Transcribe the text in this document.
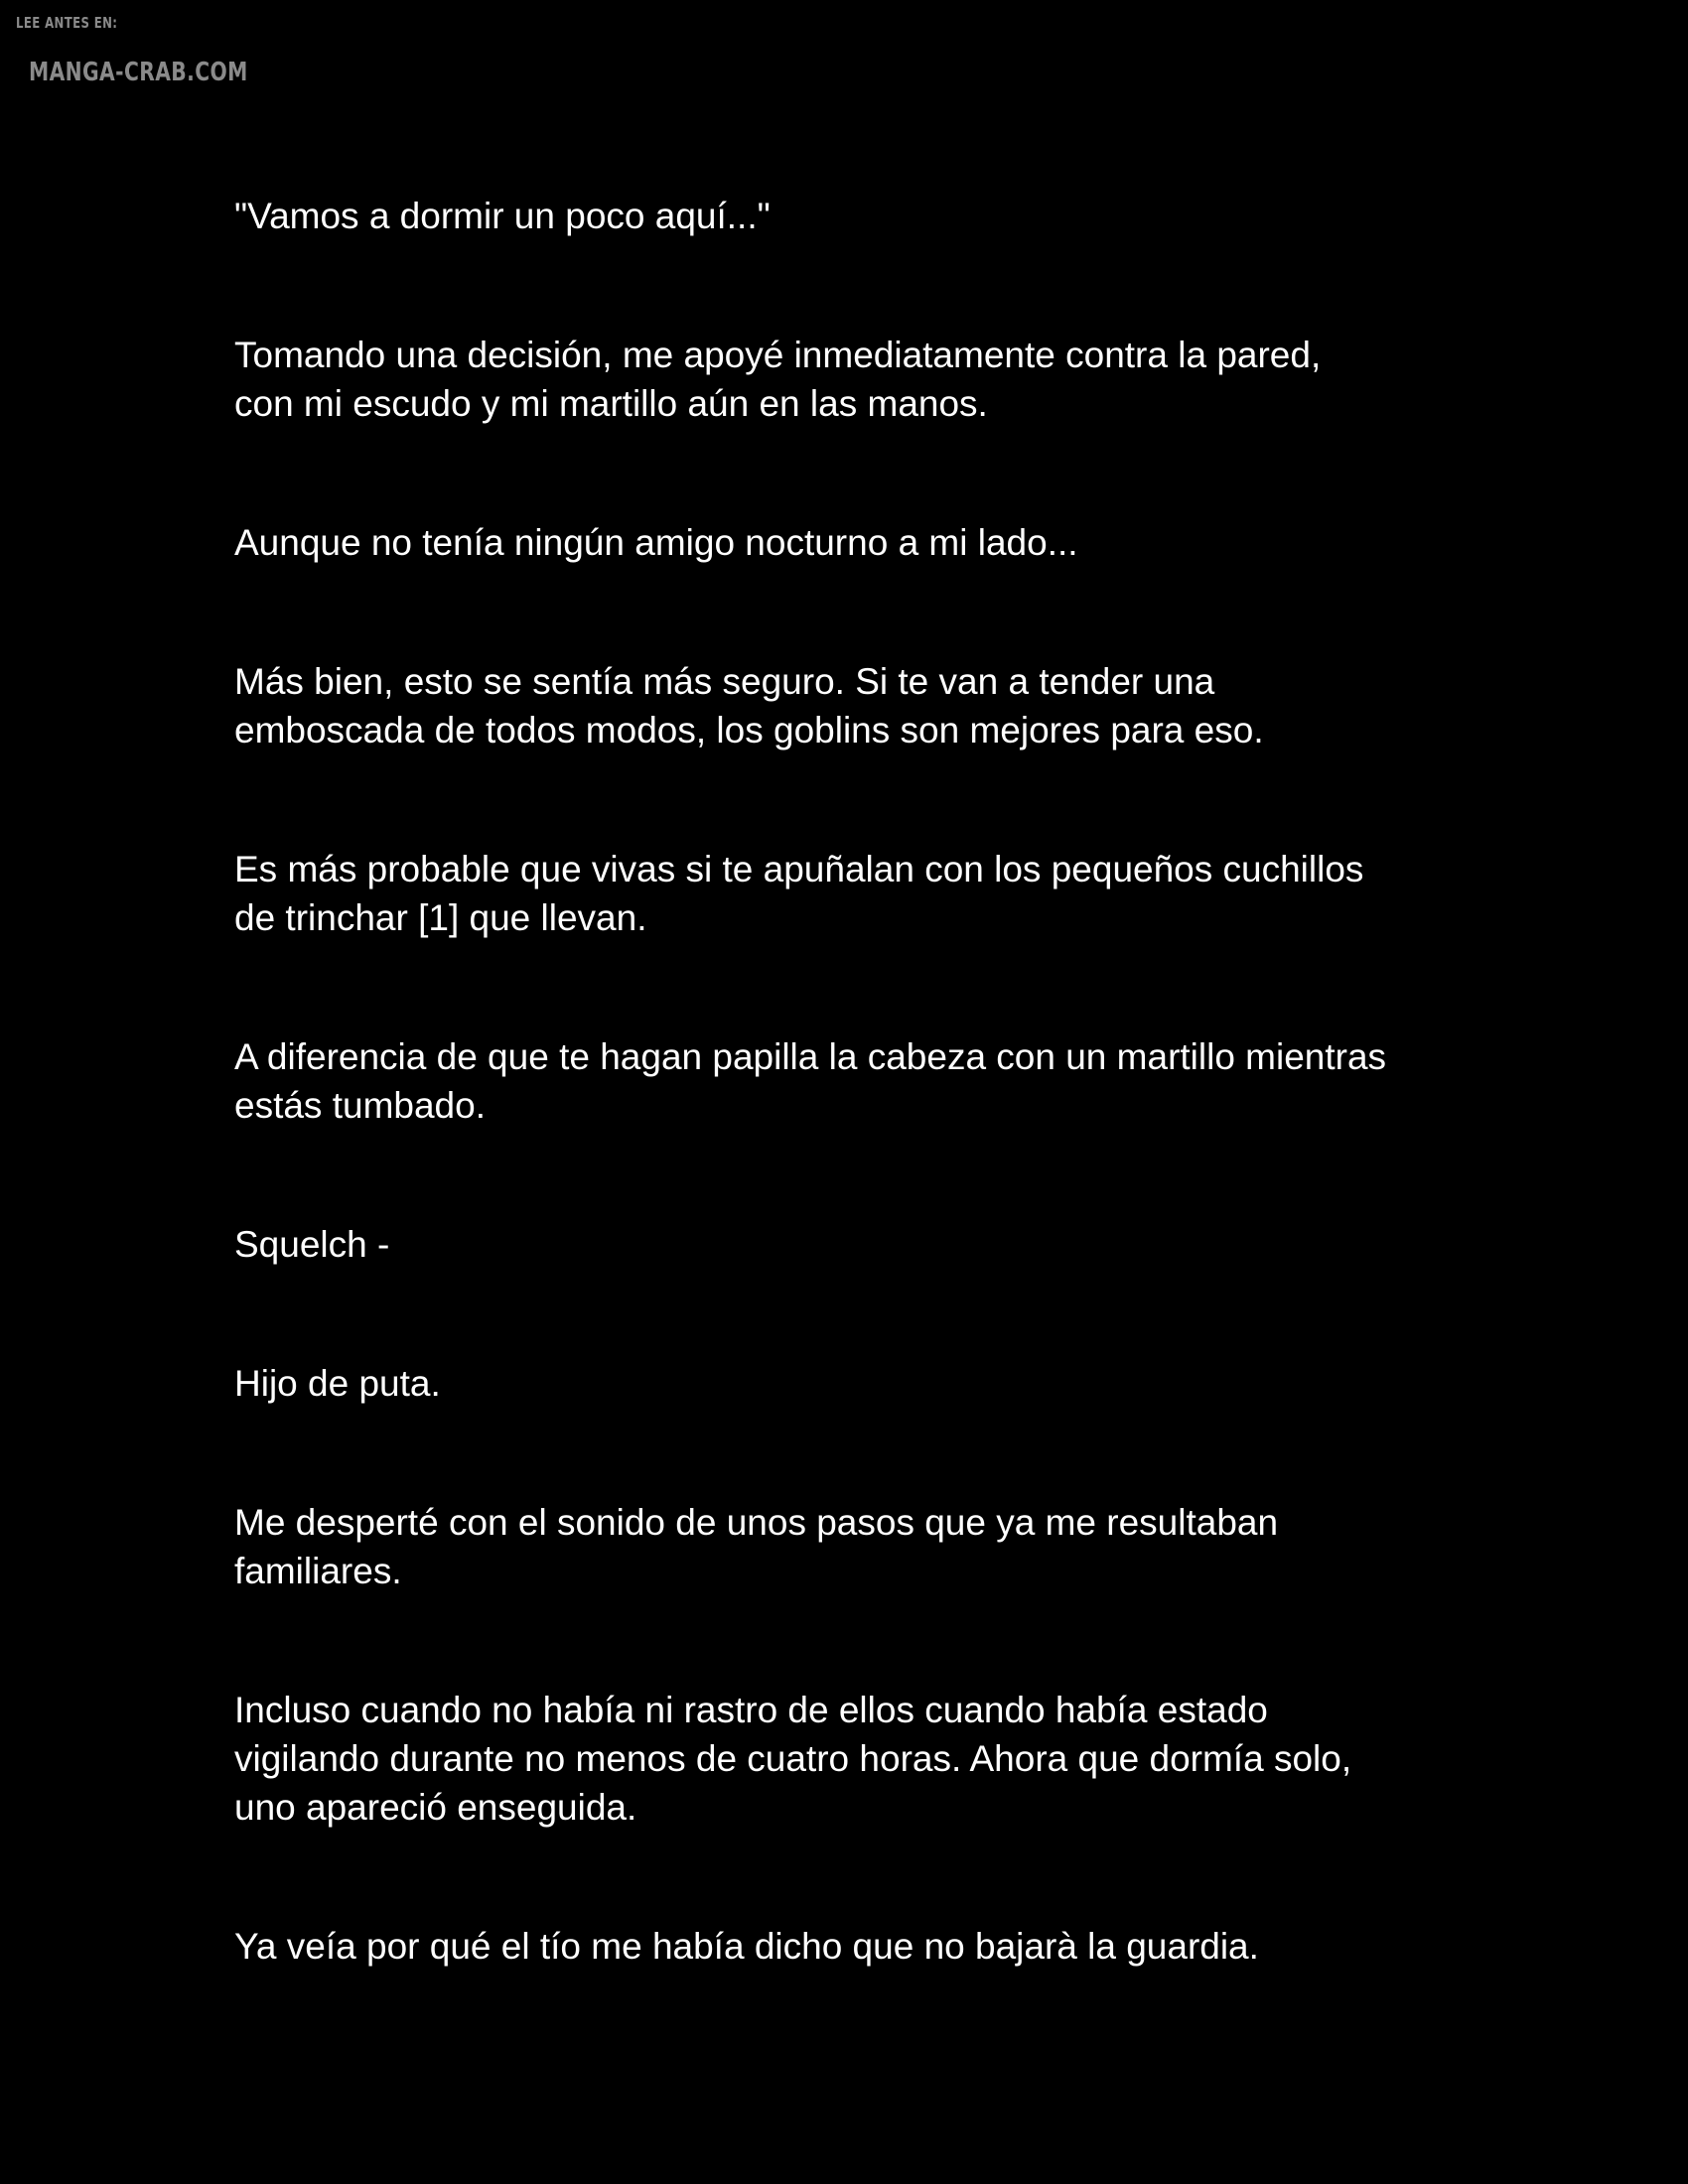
LEE ANTES EN:
MANGA-CRAB.COM

"Vamos a dormir un poco aquí..."

Tomando una decisión, me apoyé inmediatamente contra la pared,
con mi escudo y mi martillo aún en las manos.

Aunque no tenía ningún amigo nocturno a mi lado...

Más bien, esto se sentía más seguro. Si te van a tender una
emboscada de todos modos, los goblins son mejores para eso.

Es más probable que vivas si te apuñalan con los pequeños cuchillos
de trinchar [1] que llevan.

A diferencia de que te hagan papilla la cabeza con un martillo mientras
estás tumbado.

Squelch -

Hijo de puta.

Me desperté con el sonido de unos pasos que ya me resultaban
familiares.

Incluso cuando no había ni rastro de ellos cuando había estado
vigilando durante no menos de cuatro horas. Ahora que dormía solo,
uno apareció enseguida.

Ya veía por qué el tío me había dicho que no bajarà la guardia.
